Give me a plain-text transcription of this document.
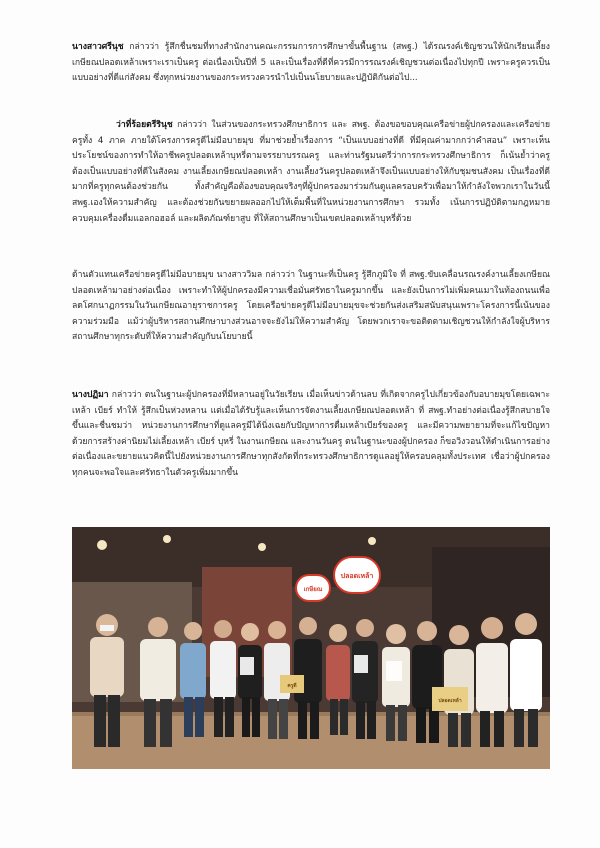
นางสาวศรีนุช กล่าวว่า รู้สึกชื่นชมที่ทางสำนักงานคณะกรรมการการศึกษาขั้นพื้นฐาน (สพฐ.) ได้รณรงค์เชิญชวนให้นักเรียนเลี้ยงเกษียณปลอดเหล้าเพราะเราเป็นครู ต่อเนื่องเป็นปีที่ 5 และเป็นเรื่องที่ดีที่ควรมีการรณรงค์เชิญชวนต่อเนื่องไปทุกปี เพราะครูควรเป็นแบบอย่างที่ดีแก่สังคม ซึ่งทุกหน่วยงานของกระทรวงควรนำไปเป็นนโยบายและปฏิบัติกันต่อไป...

ว่าที่ร้อยตรีรินุช กล่าวว่า ในส่วนของกระทรวงศึกษาธิการ และ สพฐ. ต้องขอขอบคุณเครือข่ายผู้ปกครองและเครือข่ายครูทั้ง 4 ภาค ภายใต้โครงการครูดีไม่มีอบายมุข ที่มาช่วยย้ำเรื่องการ “เป็นแบบอย่างที่ดี ที่มีคุณค่ามากกว่าคำสอน” เพราะเห็นประโยชน์ของการทำให้อาชีพครูปลอดเหล้าบุหรี่ตามจรรยาบรรณครู และท่านรัฐมนตรีว่าการกระทรวงศึกษาธิการ ก็เน้นย้ำว่าครูต้องเป็นแบบอย่างที่ดีในสังคม งานเลี้ยงเกษียณปลอดเหล้า งานเลี้ยงวันครูปลอดเหล้าจึงเป็นแบบอย่างให้กับชุมชนสังคม เป็นเรื่องที่ดีมากที่ครูทุกคนต้องช่วยกัน ทั้งสำคัญคือต้องขอบคุณจริงๆที่ผู้ปกครองมาร่วมกันดูแลครอบครัวเพื่อมาให้กำลังใจพวกเราในวันนี้ สพฐ.เองให้ความสำคัญ และต้องช่วยกันขยายผลออกไปให้เต็มพื้นที่ในหน่วยงานการศึกษา รวมทั้ง เน้นการปฏิบัติตามกฎหมายควบคุมเครื่องดื่มแอลกอฮอล์ และผลิตภัณฑ์ยาสูบ ที่ให้สถานศึกษาเป็นเขตปลอดเหล้าบุหรี่ด้วย

ด้านตัวแทนเครือข่ายครูดีไม่มีอบายมุข นางสาววิมล กล่าวว่า ในฐานะที่เป็นครู รู้สึกภูมิใจ ที่ สพฐ.ขับเคลื่อนรณรงค์งานเลี้ยงเกษียณปลอดเหล้ามาอย่างต่อเนื่อง เพราะทำให้ผู้ปกครองมีความเชื่อมั่นศรัทธาในครูมากขึ้น และยังเป็นการไม่เพิ่มคนเมาในท้องถนนเพื่อลดโศกนาฏกรรมในวันเกษียณอายุราชการครู โดยเครือข่ายครูดีไม่มีอบายมุขจะช่วยกันส่งเสริมสนับสนุนเพราะโครงการนี้เน้นของความร่วมมือ แม้ว่าผู้บริหารสถานศึกษาบางส่วนอาจจะยังไม่ให้ความสำคัญ โดยพวกเราจะขอติดตามเชิญชวนให้กำลังใจผู้บริหารสถานศึกษาทุกระดับที่ให้ความสำคัญกับนโยบายนี้

นางปฏิมา กล่าวว่า ตนในฐานะผู้ปกครองที่มีหลานอยู่ในวัยเรียน เมื่อเห็นข่าวด้านลบ ที่เกิดจากครูไปเกี่ยวข้องกับอบายมุขโดยเฉพาะเหล้า เบียร์ ทำให้ รู้สึกเป็นห่วงหลาน แต่เมื่อได้รับรู้และเห็นการจัดงานเลี้ยงเกษียณปลอดเหล้า ที่ สพฐ.ทำอย่างต่อเนื่องรู้สึกสบายใจขึ้นและชื่นชมว่า หน่วยงานการศึกษาที่ดูแลครูมีได้นิ่งเฉยกับปัญหาการดื่มเหล้าเบียร์ของครู และมีความพยายามที่จะแก้ไขปัญหาด้วยการสร้างค่านิยมไม่เลี้ยงเหล้า เบียร์ บุหรี่ ในงานเกษียณ และงานวันครู ตนในฐานะของผู้ปกครอง ก็ขอวิงวอนให้ดำเนินการอย่างต่อเนื่องและขยายแนวคิดนี้ไปยังหน่วยงานการศึกษาทุกสังกัดที่กระทรวงศึกษาธิการดูแลอยู่ให้ครอบคลุมทั้งประเทศ เชื่อว่าผู้ปกครองทุกคนจะพอใจและศรัทธาในตัวครูเพิ่มมากขึ้น

เกษียณ
ปลอดเหล้า
ครูดี
ปลอดเหล้า
